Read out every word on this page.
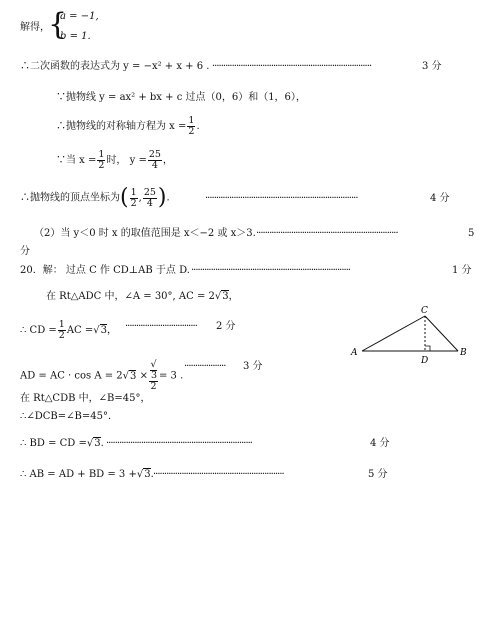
解得，
{
a = −1,
b = 1.
∴二次函数的表达式为 y = −x² + x + 6 . ·········································································	3 分
∵抛物线 y = ax² + bx + c 过点（0，6）和（1，6），
∴抛物线的对称轴方程为 $x = \frac{1}{2}$ .
∵当 $x = \frac{1}{2}$ 时， $y = \frac{25}{4}$ ，
∴抛物线的顶点坐标为( $\frac{1}{2}$ , $\frac{25}{4}$ ).	······································································	4 分
（2）当 y＜0 时 x 的取值范围是 x＜−2 或 x＞3. ·································································	5
分
20．解： 过点 C 作 CD⊥AB 于点 D. ·········································································	1 分
在 Rt△ADC 中，∠A = 30°, AC = 2√3，
∴ CD = $\frac{1}{2}$ AC =√3， ································· 2 分
AD = AC · cos A = 2√3 × √
3
2 = 3 .
··················· 3 分
在 Rt△CDB 中，∠B=45°，
∴∠DCB=∠B=45°．
∴ BD = CD =√3. ···································································	4 分
∴ AB = AD + BD = 3 +√3. ····························································	5 分
A	B
C
D
